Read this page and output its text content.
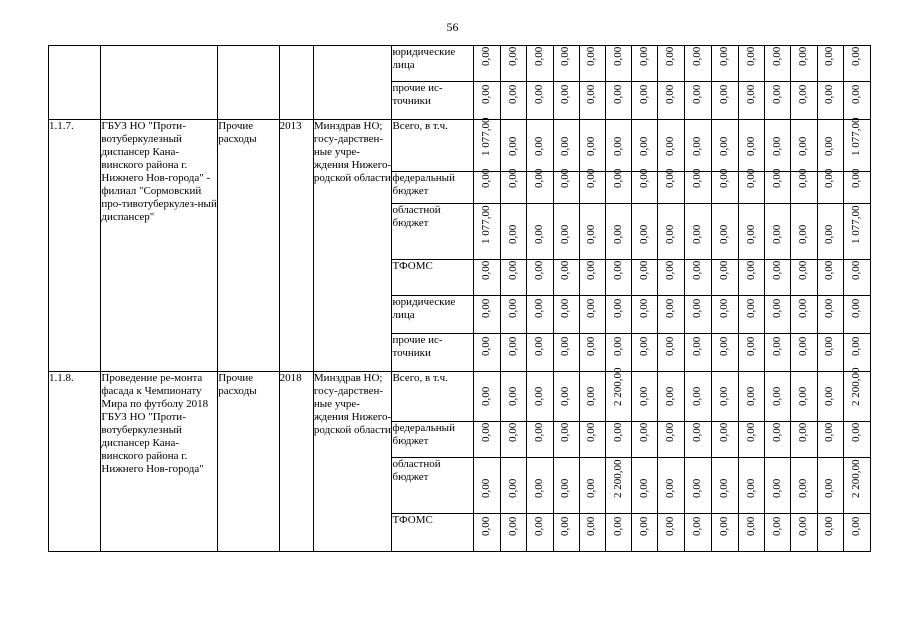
56
					юридические лица	0,00	0,00	0,00	0,00	0,00	0,00	0,00	0,00	0,00	0,00	0,00	0,00	0,00	0,00	0,00

					прочие ис-точники	0,00	0,00	0,00	0,00	0,00	0,00	0,00	0,00	0,00	0,00	0,00	0,00	0,00	0,00	0,00

1.1.7.	ГБУЗ НО "Проти-вотуберкулезный диспансер Кана-винского района г. Нижнего Нов-города" - филиал "Сормовский про-тивотуберкулез-ный диспансер"	Прочие расходы	2013	Минздрав НО; госу-дарствен-ные учре-ждения Нижего-родской области	Всего, в т.ч.	1 077,00	0,00	0,00	0,00	0,00	0,00	0,00	0,00	0,00	0,00	0,00	0,00	0,00	0,00	1 077,00

					федеральный бюджет	0,00	0,00	0,00	0,00	0,00	0,00	0,00	0,00	0,00	0,00	0,00	0,00	0,00	0,00	0,00

					областной бюджет	1 077,00	0,00	0,00	0,00	0,00	0,00	0,00	0,00	0,00	0,00	0,00	0,00	0,00	0,00	1 077,00

					ТФОМС	0,00	0,00	0,00	0,00	0,00	0,00	0,00	0,00	0,00	0,00	0,00	0,00	0,00	0,00	0,00

					юридические лица	0,00	0,00	0,00	0,00	0,00	0,00	0,00	0,00	0,00	0,00	0,00	0,00	0,00	0,00	0,00

					прочие ис-точники	0,00	0,00	0,00	0,00	0,00	0,00	0,00	0,00	0,00	0,00	0,00	0,00	0,00	0,00	0,00

1.1.8.	Проведение ре-монта фасада к Чемпионату Мира по футболу 2018 ГБУЗ НО "Проти-вотуберкулезный диспансер Кана-винского района г. Нижнего Нов-города"	Прочие расходы	2018	Минздрав НО; госу-дарствен-ные учре-ждения Нижего-родской области	Всего, в т.ч.	0,00	0,00	0,00	0,00	0,00	2 200,00	0,00	0,00	0,00	0,00	0,00	0,00	0,00	0,00	2 200,00

					федеральный бюджет	0,00	0,00	0,00	0,00	0,00	0,00	0,00	0,00	0,00	0,00	0,00	0,00	0,00	0,00	0,00

					областной бюджет	0,00	0,00	0,00	0,00	0,00	2 200,00	0,00	0,00	0,00	0,00	0,00	0,00	0,00	0,00	2 200,00

					ТФОМС	0,00	0,00	0,00	0,00	0,00	0,00	0,00	0,00	0,00	0,00	0,00	0,00	0,00	0,00	0,00
